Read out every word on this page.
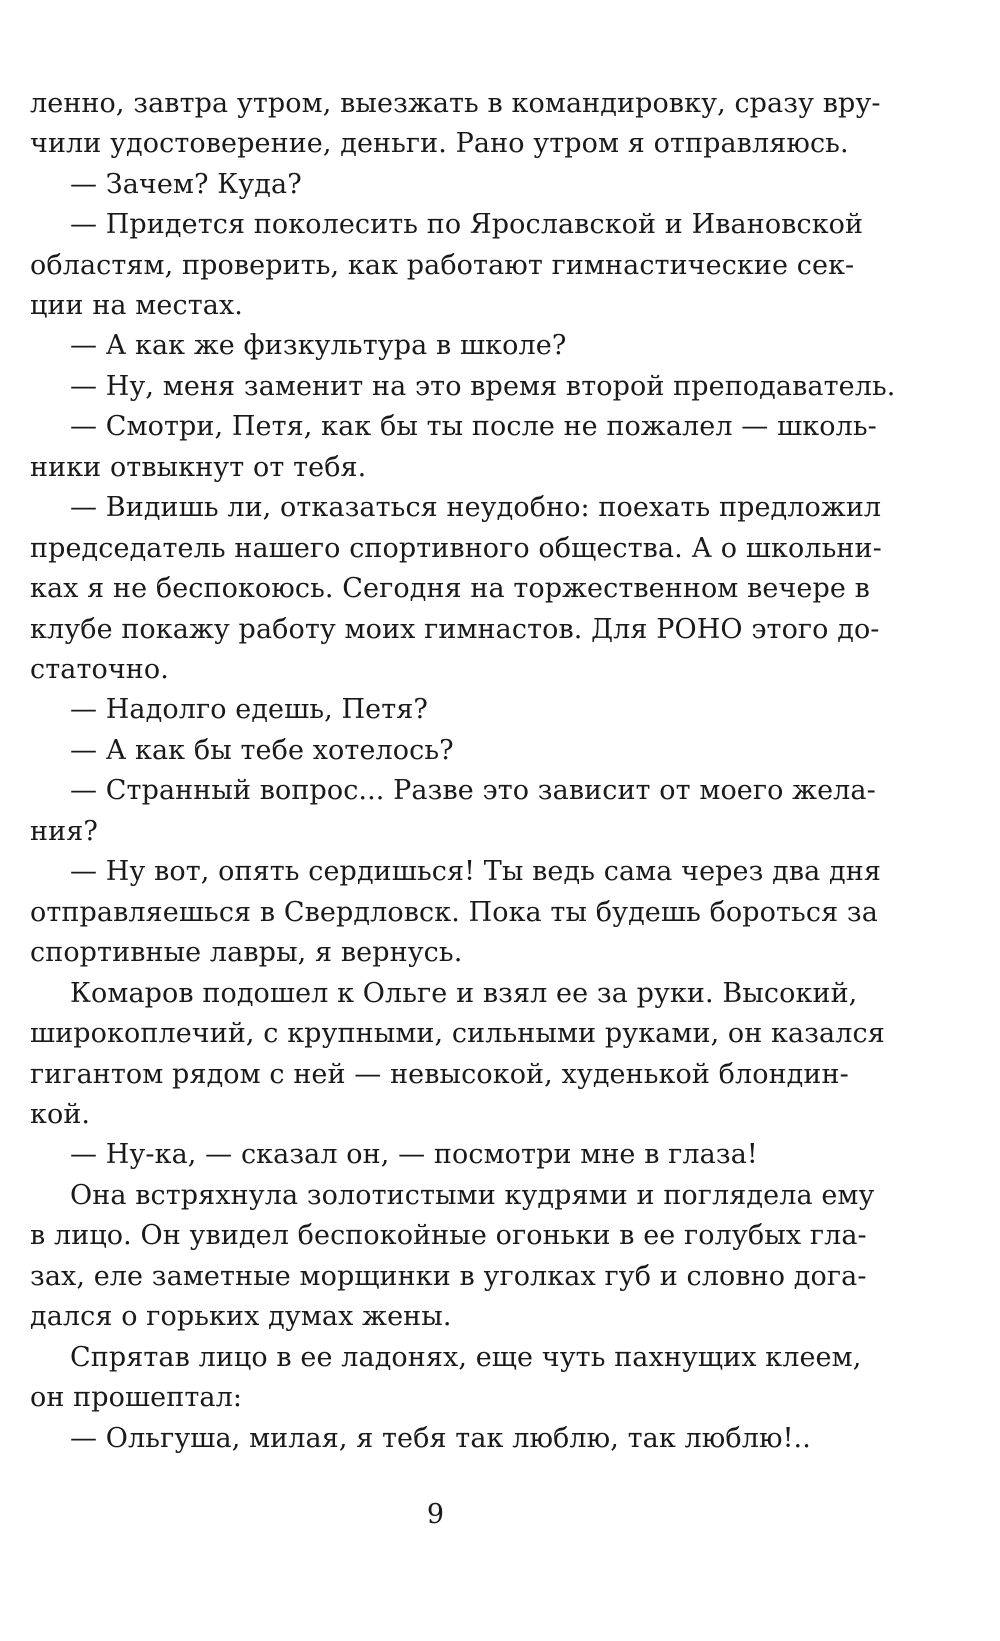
ленно, завтра утром, выезжать в командировку, сразу вру-
чили удостоверение, деньги. Рано утром я отправляюсь.
— Зачем? Куда?
— Придется поколесить по Ярославской и Ивановской
областям, проверить, как работают гимнастические сек-
ции на местах.
— А как же физкультура в школе?
— Ну, меня заменит на это время второй преподаватель.
— Смотри, Петя, как бы ты после не пожалел — школь-
ники отвыкнут от тебя.
— Видишь ли, отказаться неудобно: поехать предложил
председатель нашего спортивного общества. А о школьни-
ках я не беспокоюсь. Сегодня на торжественном вечере в
клубе покажу работу моих гимнастов. Для РОНО этого до-
статочно.
— Надолго едешь, Петя?
— А как бы тебе хотелось?
— Странный вопрос... Разве это зависит от моего жела-
ния?
— Ну вот, опять сердишься! Ты ведь сама через два дня
отправляешься в Свердловск. Пока ты будешь бороться за
спортивные лавры, я вернусь.
Комаров подошел к Ольге и взял ее за руки. Высокий,
широкоплечий, с крупными, сильными руками, он казался
гигантом рядом с ней — невысокой, худенькой блондин-
кой.
— Ну-ка, — сказал он, — посмотри мне в глаза!
Она встряхнула золотистыми кудрями и поглядела ему
в лицо. Он увидел беспокойные огоньки в ее голубых гла-
зах, еле заметные морщинки в уголках губ и словно дога-
дался о горьких думах жены.
Спрятав лицо в ее ладонях, еще чуть пахнущих клеем,
он прошептал:
— Ольгуша, милая, я тебя так люблю, так люблю!..
9
